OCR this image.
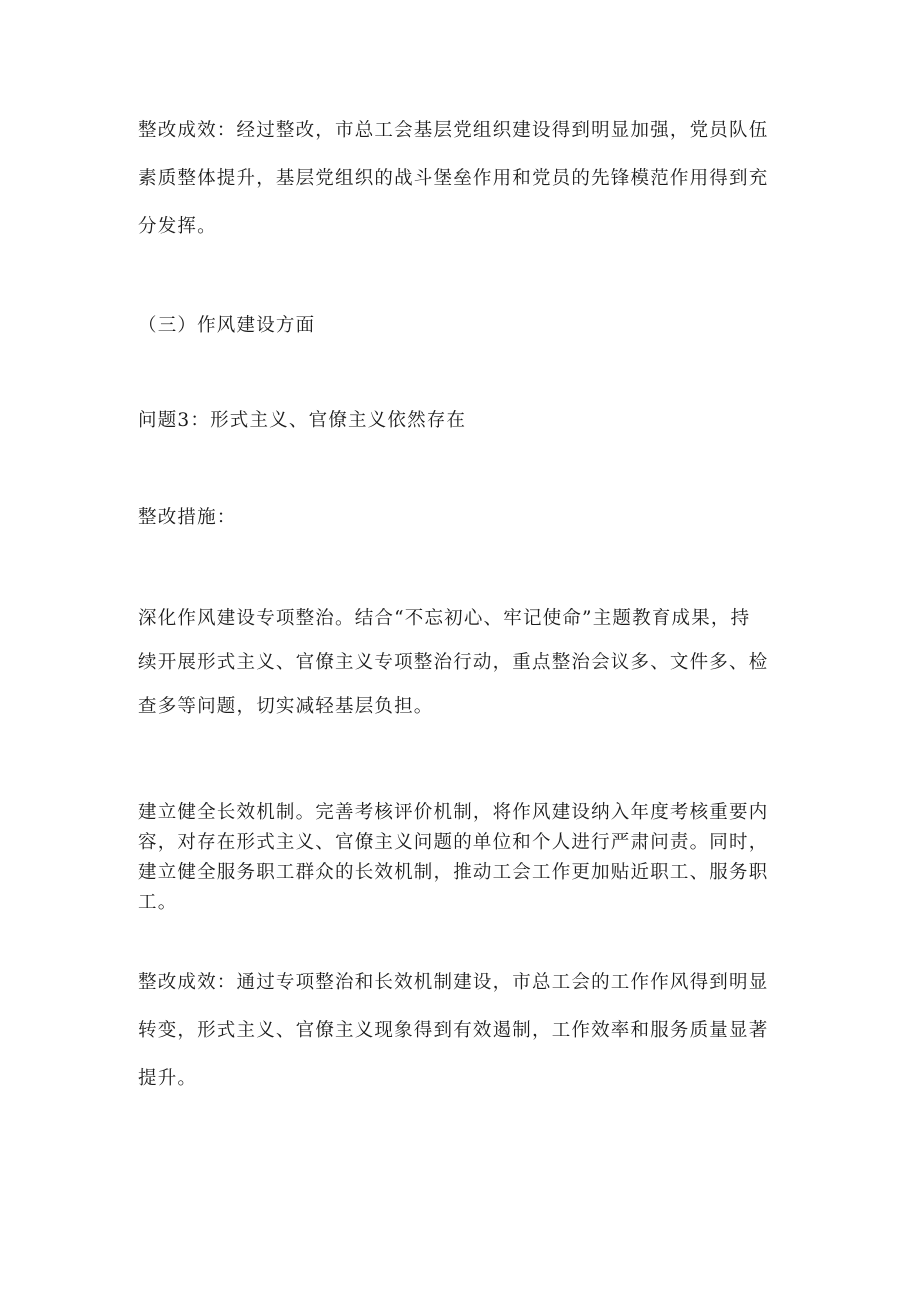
整改成效：经过整改，市总工会基层党组织建设得到明显加强，党员队伍
素质整体提升，基层党组织的战斗堡垒作用和党员的先锋模范作用得到充
分发挥。
（三）作风建设方面
问题3：形式主义、官僚主义依然存在
整改措施：
深化作风建设专项整治。结合“不忘初心、牢记使命”主题教育成果，持
续开展形式主义、官僚主义专项整治行动，重点整治会议多、文件多、检
查多等问题，切实减轻基层负担。
建立健全长效机制。完善考核评价机制，将作风建设纳入年度考核重要内
容，对存在形式主义、官僚主义问题的单位和个人进行严肃问责。同时，
建立健全服务职工群众的长效机制，推动工会工作更加贴近职工、服务职
工。
整改成效：通过专项整治和长效机制建设，市总工会的工作作风得到明显
转变，形式主义、官僚主义现象得到有效遏制，工作效率和服务质量显著
提升。
